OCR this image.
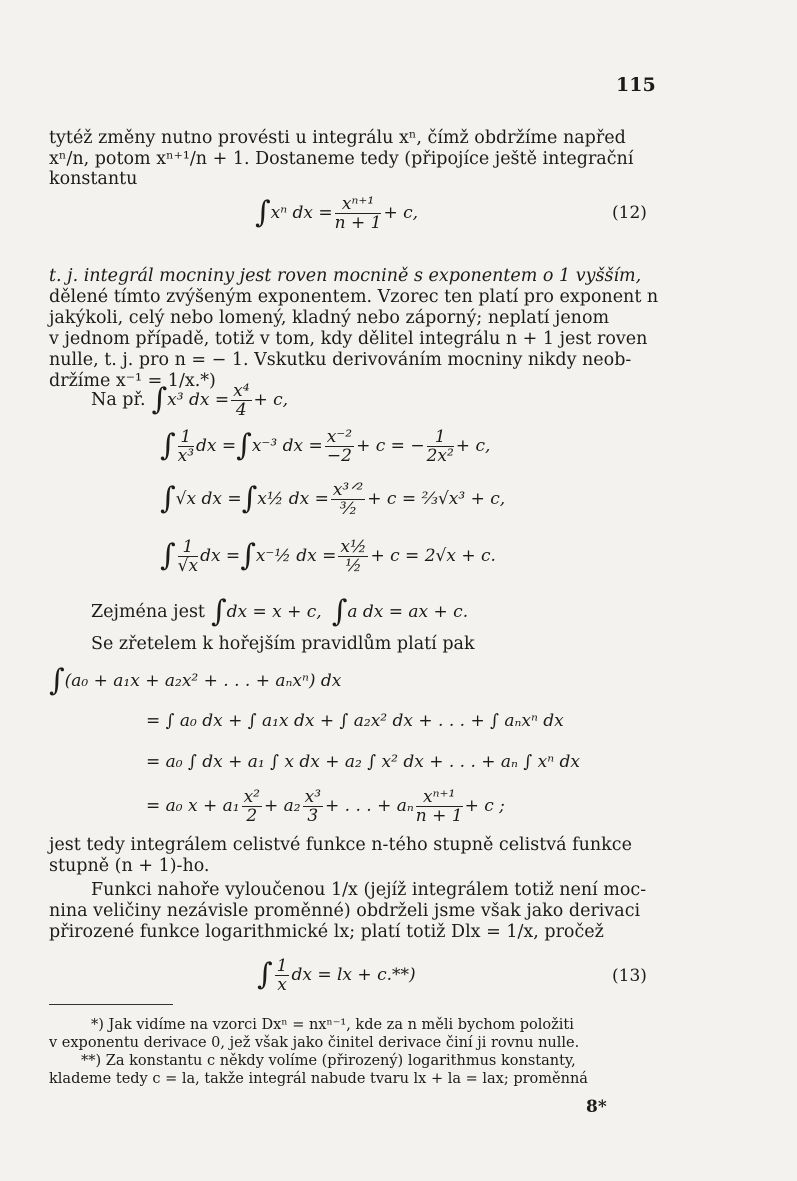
115
tytéž změny nutno provésti u integrálu xⁿ, čímž obdržíme napřed
xⁿ/n, potom xⁿ⁺¹/n + 1. Dostaneme tedy (připojíce ještě integrační
konstantu
∫ xⁿ dx = $\frac{\text{xⁿ⁺¹}}{n + 1} + c$,	(12)
t. j. integrál mocniny jest roven mocnině s exponentem o 1 vyšším,
dělené tímto zvýšeným exponentem. Vzorec ten platí pro exponent n
jakýkoli, celý nebo lomený, kladný nebo záporný; neplatí jenom
v jednom případě, totiž v tom, kdy dělitel integrálu n + 1 jest roven
nulle, t. j. pro n = − 1. Vskutku derivováním mocniny nikdy neob-
držíme x⁻¹ = 1/x.*)
Na př. ∫ x³ dx = $\frac{\text{x⁴}}{4} + c$,
∫ $\frac{1}{\text{x³}}$ dx = ∫ x⁻³ dx = $\frac{\text{x⁻²}}{-2} + c$ = − $\frac{1}{\text{2x²}} + c$,
∫ √x dx = ∫ x½ dx = $\frac{\text{x³ᐟ²}}{\text{³⁄₂}} + c$ = ⅔√x³ + c,
∫ $\frac{1}{√x}$ dx = ∫ x⁻½ dx = $\frac{\text{x½}}{\text{½}} + c = 2√x + c$.
Zejména jest ∫ dx = x + c, ∫ a dx = ax + c.
Se zřetelem k hořejším pravidlům platí pak
∫ (a₀ + a₁x + a₂x² + . . . + aₙxⁿ) dx
= ∫ a₀ dx + ∫ a₁x dx + ∫ a₂x² dx + . . . + ∫ aₙxⁿ dx
= a₀ ∫ dx + a₁ ∫ x dx + a₂ ∫ x² dx + . . . + aₙ ∫ xⁿ dx
= a₀ $x + a_1 \frac{\text{x²}}{2} + a_2 \frac{\text{x³}}{3}$ + . . . + aₙ $\frac{\text{xⁿ⁺¹}}{n + 1} + c$ ;
jest tedy integrálem celistvé funkce n-tého stupně celistvá funkce
stupně (n + 1)-ho.
Funkci nahoře vyloučenou 1/x (jejíž integrálem totiž není moc-
nina veličiny nezávisle proměnné) obdrželi jsme však jako derivaci
přirozené funkce logarithmické lx; platí totiž Dlx = 1/x, pročež
∫ $\frac{1}{x}$ dx = lx + c.**)	(13)
*) Jak vidíme na vzorci Dxⁿ = nxⁿ⁻¹, kde za n měli bychom položiti
v exponentu derivace 0, jež však jako činitel derivace činí ji rovnu nulle.
**) Za konstantu c někdy volíme (přirozený) logarithmus konstanty,
klademe tedy c = la, takže integrál nabude tvaru lx + la = lax; proměnná
8*
